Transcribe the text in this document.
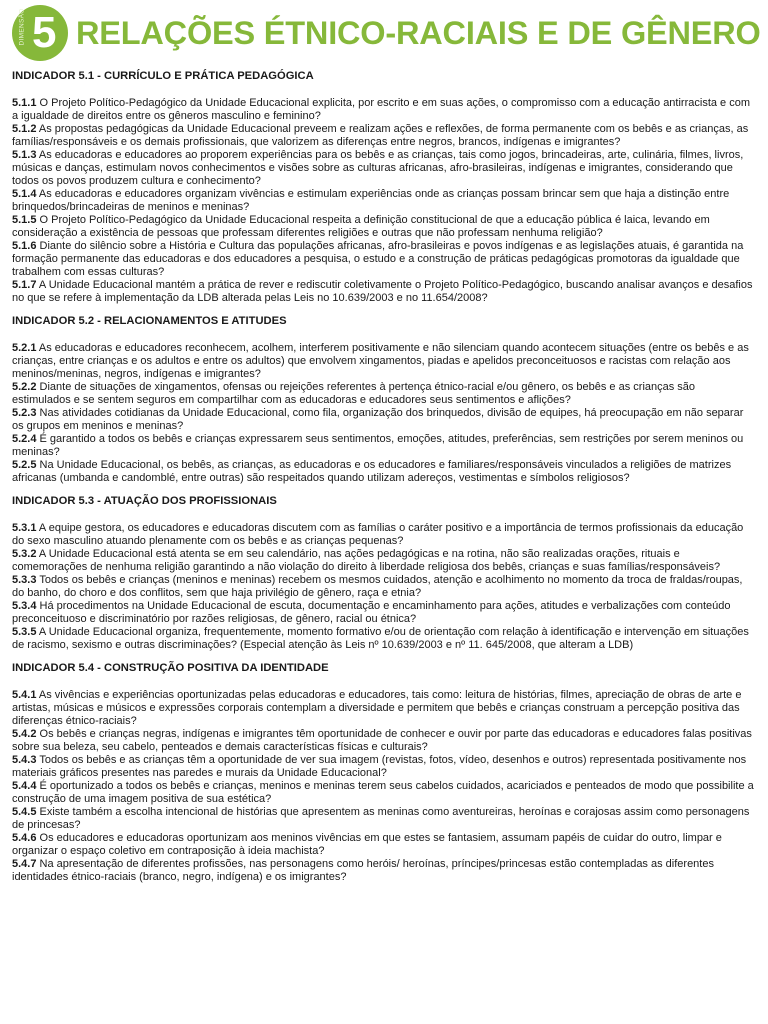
DIMENSÃO 5 RELAÇÕES ÉTNICO-RACIAIS E DE GÊNERO
INDICADOR 5.1 - CURRÍCULO E PRÁTICA PEDAGÓGICA

5.1.1 O Projeto Político-Pedagógico da Unidade Educacional explicita, por escrito e em suas ações, o compromisso com a educação antirracista e com a igualdade de direitos entre os gêneros masculino e feminino?

5.1.2 As propostas pedagógicas da Unidade Educacional preveem e realizam ações e reflexões, de forma permanente com os bebês e as crianças, as famílias/responsáveis e os demais profissionais, que valorizem as diferenças entre negros, brancos, indígenas e imigrantes?

5.1.3 As educadoras e educadores ao proporem experiências para os bebês e as crianças, tais como jogos, brincadeiras, arte, culinária, filmes, livros, músicas e danças, estimulam novos conhecimentos e visões sobre as culturas africanas, afro-brasileiras, indígenas e imigrantes, considerando que todos os povos produzem cultura e conhecimento?

5.1.4 As educadoras e educadores organizam vivências e estimulam experiências onde as crianças possam brincar sem que haja a distinção entre brinquedos/brincadeiras de meninos e meninas?

5.1.5 O Projeto Político-Pedagógico da Unidade Educacional respeita a definição constitucional de que a educação pública é laica, levando em consideração a existência de pessoas que professam diferentes religiões e outras que não professam nenhuma religião?

5.1.6 Diante do silêncio sobre a História e Cultura das populações africanas, afro-brasileiras e povos indígenas e as legislações atuais, é garantida na formação permanente das educadoras e dos educadores a pesquisa, o estudo e a construção de práticas pedagógicas promotoras da igualdade que trabalhem com essas culturas?

5.1.7 A Unidade Educacional mantém a prática de rever e rediscutir coletivamente o Projeto Político-Pedagógico, buscando analisar avanços e desafios no que se refere à implementação da LDB alterada pelas Leis no 10.639/2003 e no 11.654/2008?

INDICADOR 5.2 - RELACIONAMENTOS E ATITUDES

5.2.1 As educadoras e educadores reconhecem, acolhem, interferem positivamente e não silenciam quando acontecem situações (entre os bebês e as crianças, entre crianças e os adultos e entre os adultos) que envolvem xingamentos, piadas e apelidos preconceituosos e racistas com relação aos meninos/meninas, negros, indígenas e imigrantes?

5.2.2 Diante de situações de xingamentos, ofensas ou rejeições referentes à pertença étnico-racial e/ou gênero, os bebês e as crianças são estimulados e se sentem seguros em compartilhar com as educadoras e educadores seus sentimentos e aflições?

5.2.3 Nas atividades cotidianas da Unidade Educacional, como fila, organização dos brinquedos, divisão de equipes, há preocupação em não separar os grupos em meninos e meninas?

5.2.4 É garantido a todos os bebês e crianças expressarem seus sentimentos, emoções, atitudes, preferências, sem restrições por serem meninos ou meninas?

5.2.5 Na Unidade Educacional, os bebês, as crianças, as educadoras e os educadores e familiares/responsáveis vinculados a religiões de matrizes africanas (umbanda e candomblé, entre outras) são respeitados quando utilizam adereços, vestimentas e símbolos religiosos?

INDICADOR 5.3 - ATUAÇÃO DOS PROFISSIONAIS

5.3.1 A equipe gestora, os educadores e educadoras discutem com as famílias o caráter positivo e a importância de termos profissionais da educação do sexo masculino atuando plenamente com os bebês e as crianças pequenas?

5.3.2 A Unidade Educacional está atenta se em seu calendário, nas ações pedagógicas e na rotina, não são realizadas orações, rituais e comemorações de nenhuma religião garantindo a não violação do direito à liberdade religiosa dos bebês, crianças e suas famílias/responsáveis?

5.3.3 Todos os bebês e crianças (meninos e meninas) recebem os mesmos cuidados, atenção e acolhimento no momento da troca de fraldas/roupas, do banho, do choro e dos conflitos, sem que haja privilégio de gênero, raça e etnia?

5.3.4 Há procedimentos na Unidade Educacional de escuta, documentação e encaminhamento para ações, atitudes e verbalizações com conteúdo preconceituoso e discriminatório por razões religiosas, de gênero, racial ou étnica?

5.3.5 A Unidade Educacional organiza, frequentemente, momento formativo e/ou de orientação com relação à identificação e intervenção em situações de racismo, sexismo e outras discriminações? (Especial atenção às Leis nº 10.639/2003 e nº 11. 645/2008, que alteram a LDB)

INDICADOR 5.4 - CONSTRUÇÃO POSITIVA DA IDENTIDADE

5.4.1 As vivências e experiências oportunizadas pelas educadoras e educadores, tais como: leitura de histórias, filmes, apreciação de obras de arte e artistas, músicas e músicos e expressões corporais contemplam a diversidade e permitem que bebês e crianças construam a percepção positiva das diferenças étnico-raciais?

5.4.2 Os bebês e crianças negras, indígenas e imigrantes têm oportunidade de conhecer e ouvir por parte das educadoras e educadores falas positivas sobre sua beleza, seu cabelo, penteados e demais características físicas e culturais?

5.4.3 Todos os bebês e as crianças têm a oportunidade de ver sua imagem (revistas, fotos, vídeo, desenhos e outros) representada positivamente nos materiais gráficos presentes nas paredes e murais da Unidade Educacional?

5.4.4 É oportunizado a todos os bebês e crianças, meninos e meninas terem seus cabelos cuidados, acariciados e penteados de modo que possibilite a construção de uma imagem positiva de sua estética?

5.4.5 Existe também a escolha intencional de histórias que apresentem as meninas como aventureiras, heroínas e corajosas assim como personagens de princesas?

5.4.6 Os educadores e educadoras oportunizam aos meninos vivências em que estes se fantasiem, assumam papéis de cuidar do outro, limpar e organizar o espaço coletivo em contraposição à ideia machista?

5.4.7 Na apresentação de diferentes profissões, nas personagens como heróis/ heroínas, príncipes/princesas estão contempladas as diferentes identidades étnico-raciais (branco, negro, indígena) e os imigrantes?
